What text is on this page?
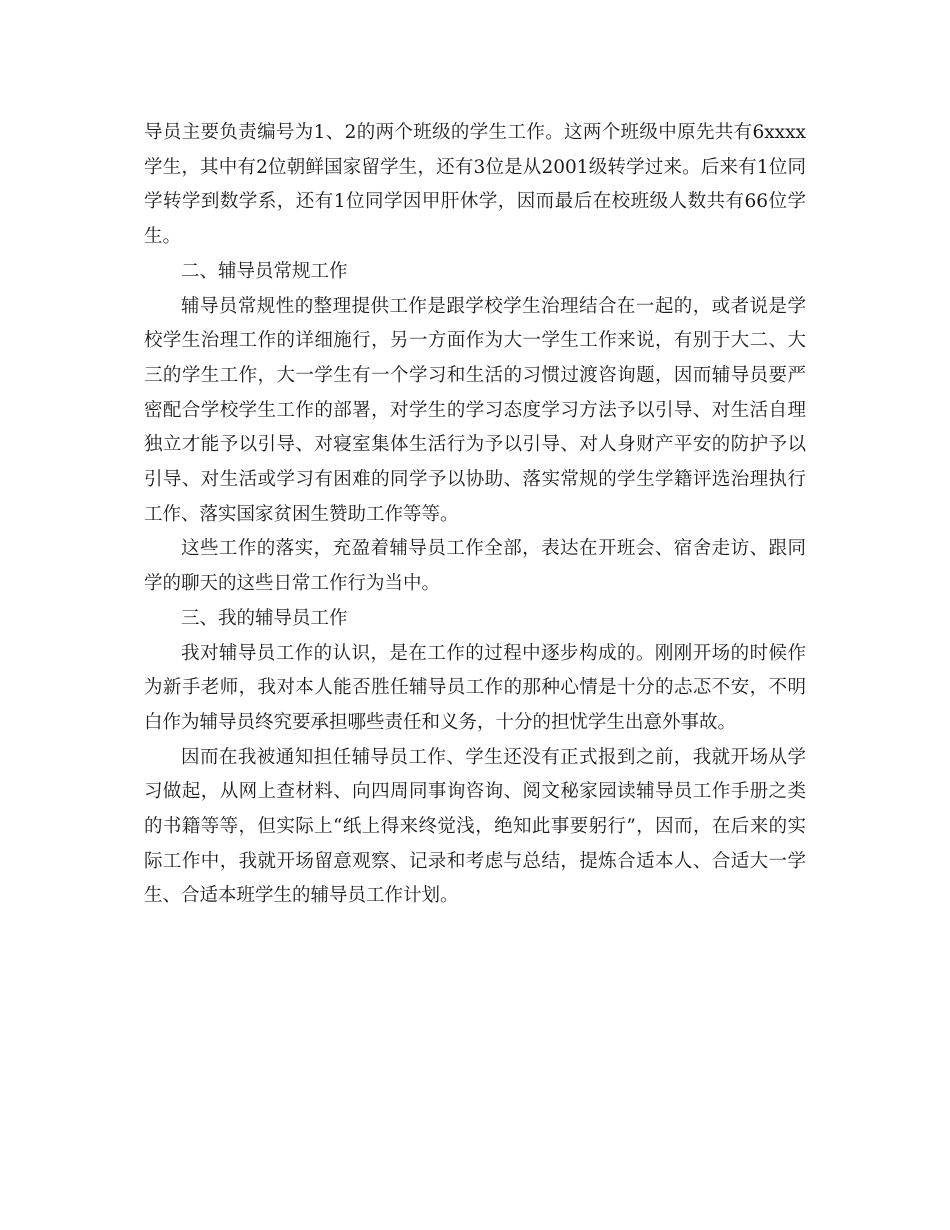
导员主要负责编号为1、2的两个班级的学生工作。这两个班级中原先共有6xxxx学生，其中有2位朝鲜国家留学生，还有3位是从2001级转学过来。后来有1位同学转学到数学系，还有1位同学因甲肝休学，因而最后在校班级人数共有66位学生。

二、辅导员常规工作

辅导员常规性的整理提供工作是跟学校学生治理结合在一起的，或者说是学校学生治理工作的详细施行，另一方面作为大一学生工作来说，有别于大二、大三的学生工作，大一学生有一个学习和生活的习惯过渡咨询题，因而辅导员要严密配合学校学生工作的部署，对学生的学习态度学习方法予以引导、对生活自理独立才能予以引导、对寝室集体生活行为予以引导、对人身财产平安的防护予以引导、对生活或学习有困难的同学予以协助、落实常规的学生学籍评选治理执行工作、落实国家贫困生赞助工作等等。

这些工作的落实，充盈着辅导员工作全部，表达在开班会、宿舍走访、跟同学的聊天的这些日常工作行为当中。

三、我的辅导员工作

我对辅导员工作的认识，是在工作的过程中逐步构成的。刚刚开场的时候作为新手老师，我对本人能否胜任辅导员工作的那种心情是十分的忐忑不安，不明白作为辅导员终究要承担哪些责任和义务，十分的担忧学生出意外事故。

因而在我被通知担任辅导员工作、学生还没有正式报到之前，我就开场从学习做起，从网上查材料、向四周同事询咨询、阅文秘家园读辅导员工作手册之类的书籍等等，但实际上“纸上得来终觉浅，绝知此事要躬行”，因而，在后来的实际工作中，我就开场留意观察、记录和考虑与总结，提炼合适本人、合适大一学生、合适本班学生的辅导员工作计划。
